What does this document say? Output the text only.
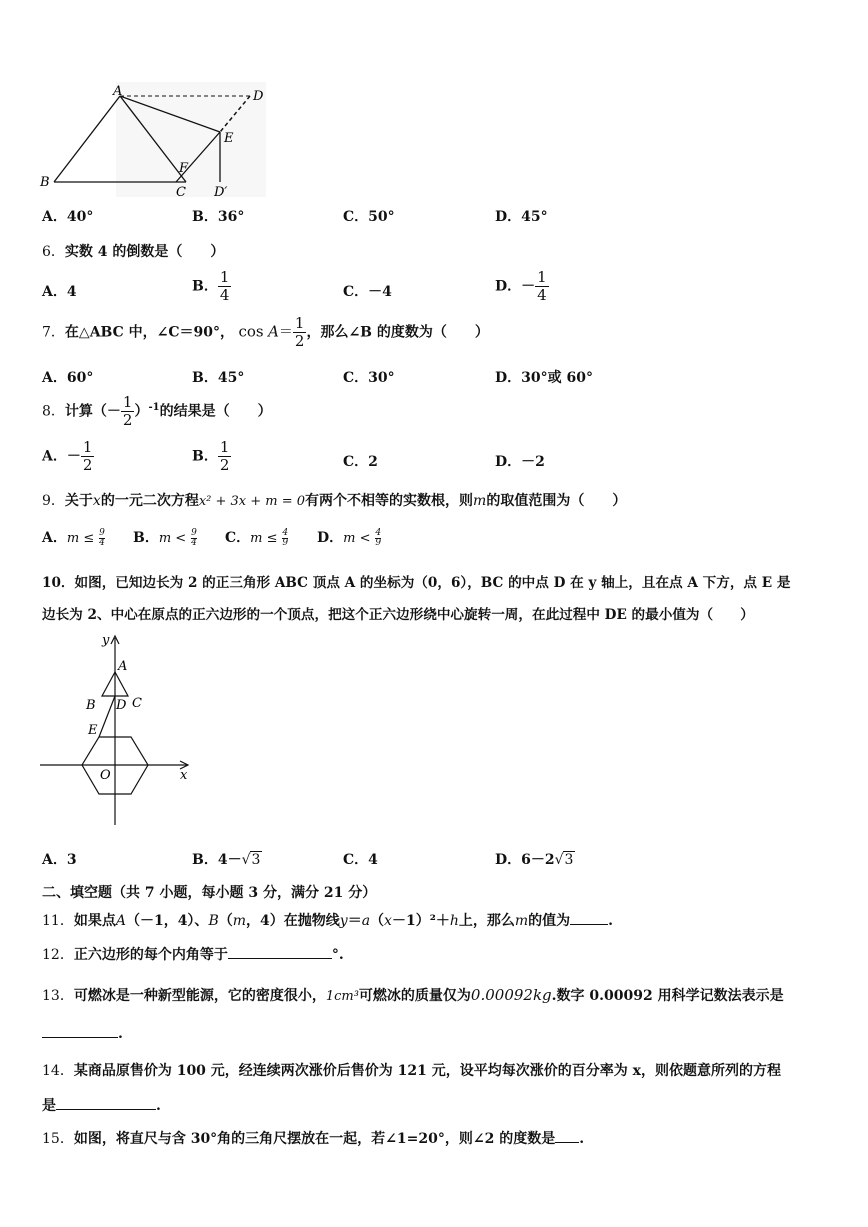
A
B
C
D
E
F
D′
A．40°	B．36°	C．50°	D．45°
6．实数 4 的倒数是（　　）
A．4	B． $\frac{1}{4}$	C．－4	D．－ $\frac{1}{4}$
7．在△ABC 中，∠C＝90°， $\cos A= \frac{1}{2}$ ，那么∠B 的度数为（　　）
A．60°	B．45°	C．30°	D．30°或 60°
8．计算（－ $\frac{1}{2} )^{-1}$的结果是（　　）
A．－ $\frac{1}{2}$	B． $\frac{1}{2}$	C．2	D．－2
9．关于x的一元二次方程x² + 3x + m = 0有两个不相等的实数根，则m的取值范围为（　　）
A．$m \le \frac{9}{4}$ B．$m < \frac{9}{4}$ C．$m \le \frac{4}{9}$ D．$m < \frac{4}{9}$
10．如图，已知边长为 2 的正三角形 ABC 顶点 A 的坐标为（0，6），BC 的中点 D 在 y 轴上，且在点 A 下方，点 E 是
边长为 2、中心在原点的正六边形的一个顶点，把这个正六边形绕中心旋转一周，在此过程中 DE 的最小值为（　　）
y
A
B D C
E
O	x
A．3	B．4－√3	C．4	D．6－2√3
二、填空题（共 7 小题，每小题 3 分，满分 21 分）
11．如果点A（－1，4）、B（m，4）在抛物线y＝a（x－1）²＋h上，那么m的值为	.
12．正六边形的每个内角等于	°.
13．可燃冰是一种新型能源，它的密度很小，1cm³可燃冰的质量仅为0.00092kg.数字 0.00092 用科学记数法表示是
.
14．某商品原售价为 100 元，经连续两次涨价后售价为 121 元，设平均每次涨价的百分率为 x，则依题意所列的方程
是	.
15．如图，将直尺与含 30°角的三角尺摆放在一起，若∠1=20°，则∠2 的度数是 .
